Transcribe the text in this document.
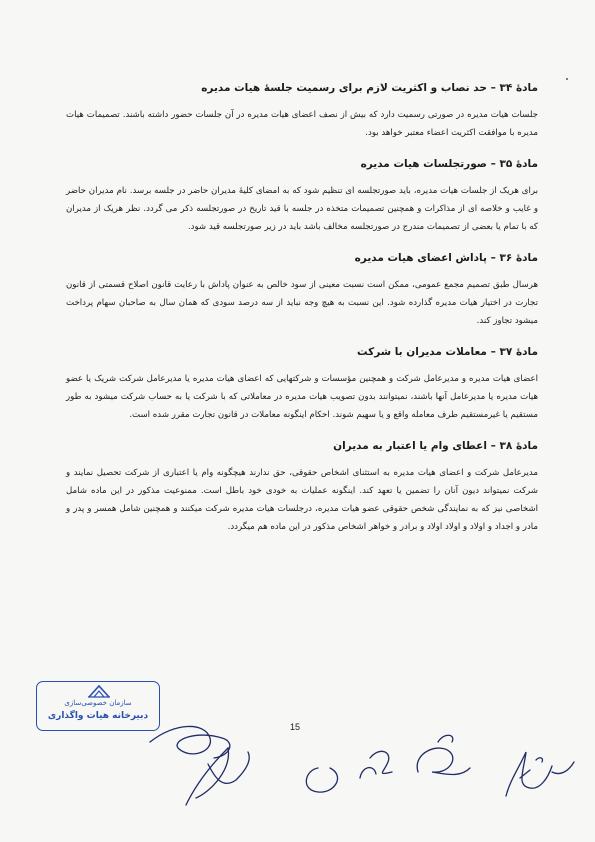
مادۀ ۳۴ – حد نصاب و اکثریت لازم برای رسمیت جلسۀ هیات مدیره
جلسات هیات مدیره در صورتی رسمیت دارد که بیش از نصف اعضای هیات مدیره در آن جلسات حضور داشته باشند. تصمیمات هیات مدیره با موافقت اکثریت اعضاء معتبر خواهد بود.
مادۀ ۳۵ – صورتجلسات هیات مدیره
برای هریک از جلسات هیات مدیره، باید صورتجلسه ای تنظیم شود که به امضای کلیۀ مدیران حاضر در جلسه برسد. نام مدیران حاضر و غایب و خلاصه ای از مذاکرات و همچنین تصمیمات متخذه در جلسه با قید تاریخ در صورتجلسه ذکر می گردد. نظر هریک از مدیران که با تمام یا بعضی از تصمیمات مندرج در صورتجلسه مخالف باشد باید در زیر صورتجلسه قید شود.
مادۀ ۳۶ – پاداش اعضای هیات مدیره
هرسال طبق تصمیم مجمع عمومی، ممکن است نسبت معینی از سود خالص به عنوان پاداش با رعایت قانون اصلاح قسمتی از قانون تجارت در اختیار هیات مدیره گذارده شود. این نسبت به هیچ وجه نباید از سه درصد سودی که همان سال به صاحبان سهام پرداخت میشود تجاوز کند.
مادۀ ۳۷ – معاملات مدیران با شرکت
اعضای هیات مدیره و مدیرعامل شرکت و همچنین مؤسسات و شرکتهایی که اعضای هیات مدیره یا مدیرعامل شرکت شریک یا عضو هیات مدیره یا مدیرعامل آنها باشند، نمیتوانند بدون تصویب هیات مدیره در معاملاتی که با شرکت یا به حساب شرکت میشود به طور مستقیم یا غیرمستقیم طرف معامله واقع و یا سهیم شوند. احکام اینگونه معاملات در قانون تجارت مقرر شده است.
مادۀ ۳۸ – اعطای وام یا اعتبار به مدیران
مدیرعامل شرکت و اعضای هیات مدیره به استثنای اشخاص حقوقی، حق ندارند هیچگونه وام یا اعتباری از شرکت تحصیل نمایند و شرکت نمیتواند دیون آنان را تضمین یا تعهد کند. اینگونه عملیات به خودی خود باطل است. ممنوعیت مذکور در این ماده شامل اشخاصی نیز که به نمایندگی شخص حقوقی عضو هیات مدیره، درجلسات هیات مدیره شرکت میکنند و همچنین شامل همسر و پدر و مادر و اجداد و اولاد و اولاد اولاد و برادر و خواهر اشخاص مذکور در این ماده هم میگردد.
سازمان خصوصی‌سازی
دبیرخانه هیات واگذاری
15
